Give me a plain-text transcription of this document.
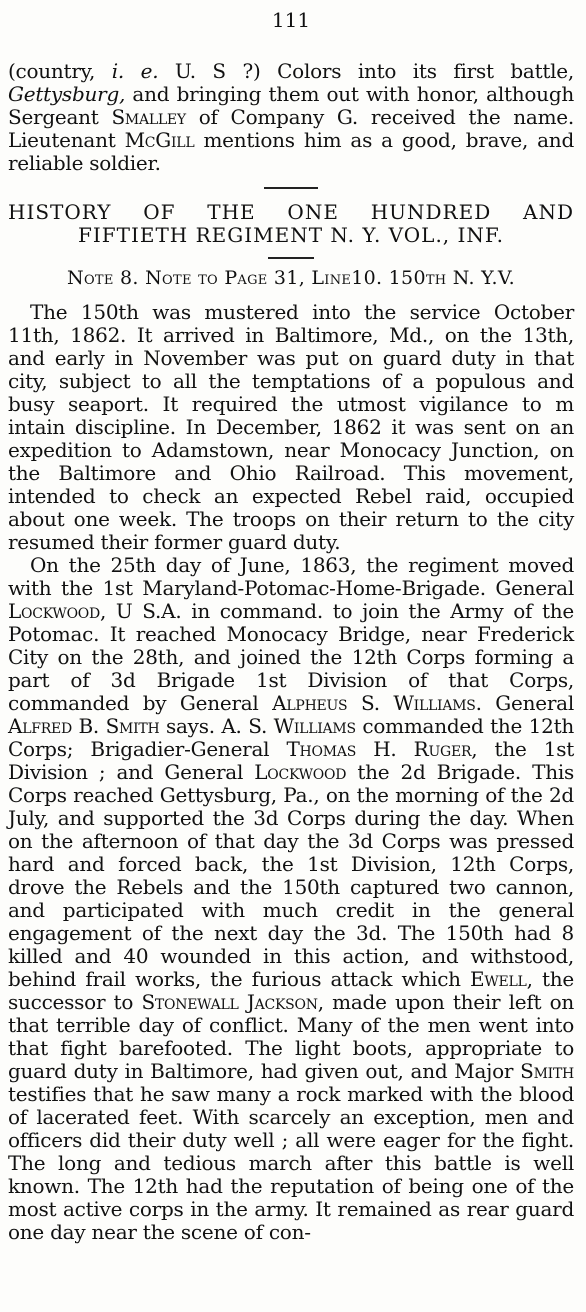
111

(country, i. e. U. S ?) Colors into its first battle, Gettysburg, and bringing them out with honor, although Sergeant Smalley of Company G. received the name. Lieutenant McGill mentions him as a good, brave, and reliable soldier.

HISTORY OF THE ONE HUNDRED AND
FIFTIETH REGIMENT N. Y. VOL., INF.

Note 8. Note to Page 31, Line10. 150th N. Y.V.

The 150th was mustered into the service October 11th, 1862. It arrived in Baltimore, Md., on the 13th, and early in November was put on guard duty in that city, subject to all the temptations of a populous and busy seaport. It required the utmost vigilance to m intain discipline. In December, 1862 it was sent on an expedition to Adamstown, near Monocacy Junction, on the Baltimore and Ohio Railroad. This movement, intended to check an expected Rebel raid, occupied about one week. The troops on their return to the city resumed their former guard duty.

On the 25th day of June, 1863, the regiment moved with the 1st Maryland-Potomac-Home-Brigade. General Lockwood, U S.A. in command. to join the Army of the Potomac. It reached Monocacy Bridge, near Frederick City on the 28th, and joined the 12th Corps forming a part of 3d Brigade 1st Division of that Corps, commanded by General Alpheus S. Williams. General Alfred B. Smith says. A. S. Williams commanded the 12th Corps; Brigadier-General Thomas H. Ruger, the 1st Division ; and General Lockwood the 2d Brigade. This Corps reached Gettysburg, Pa., on the morning of the 2d July, and supported the 3d Corps during the day. When on the afternoon of that day the 3d Corps was pressed hard and forced back, the 1st Division, 12th Corps, drove the Rebels and the 150th captured two cannon, and participated with much credit in the general engagement of the next day the 3d. The 150th had 8 killed and 40 wounded in this action, and withstood, behind frail works, the furious attack which Ewell, the successor to Stonewall Jackson, made upon their left on that terrible day of conflict. Many of the men went into that fight barefooted. The light boots, appropriate to guard duty in Baltimore, had given out, and Major Smith testifies that he saw many a rock marked with the blood of lacerated feet. With scarcely an exception, men and officers did their duty well ; all were eager for the fight. The long and tedious march after this battle is well known. The 12th had the reputation of being one of the most active corps in the army. It remained as rear guard one day near the scene of con-
